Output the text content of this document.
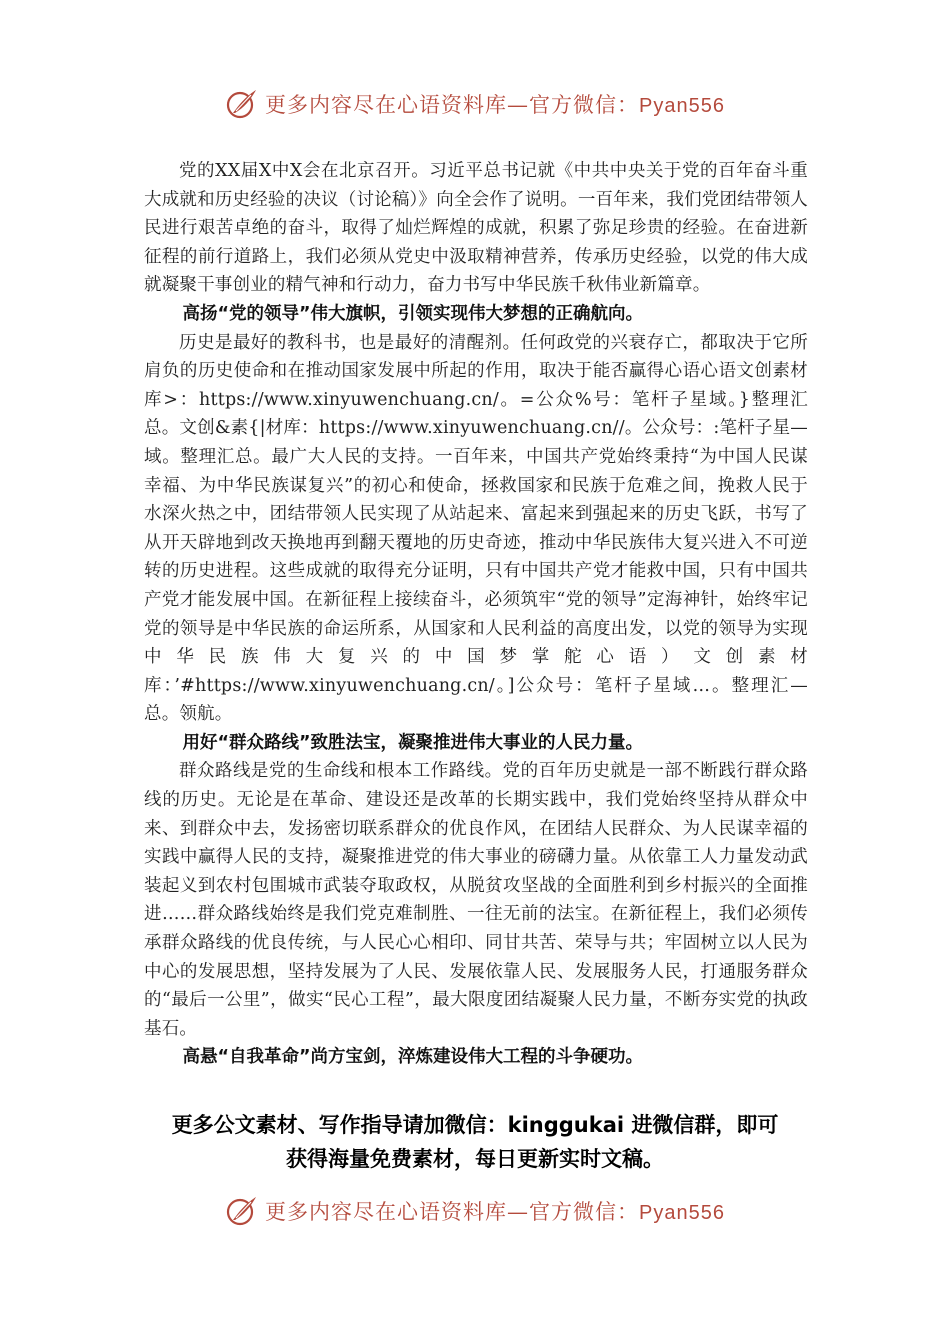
更多内容尽在心语资料库—官方微信：Pyan556

党的XX届X中X会在北京召开。习近平总书记就《中共中央关于党的百年奋斗重大成就和历史经验的决议（讨论稿）》向全会作了说明。一百年来，我们党团结带领人民进行艰苦卓绝的奋斗，取得了灿烂辉煌的成就，积累了弥足珍贵的经验。在奋进新征程的前行道路上，我们必须从党史中汲取精神营养，传承历史经验，以党的伟大成就凝聚干事创业的精气神和行动力，奋力书写中华民族千秋伟业新篇章。

高扬“党的领导”伟大旗帜，引领实现伟大梦想的正确航向。

历史是最好的教科书，也是最好的清醒剂。任何政党的兴衰存亡，都取决于它所肩负的历史使命和在推动国家发展中所起的作用，取决于能否赢得心语心语文创素材库>：https://www.xinyuwenchuang.cn/。=公众%号：笔杆子星域。}整理汇总。文创&素{|材库：https://www.xinyuwenchuang.cn//。公众号：:笔杆子星—域。整理汇总。最广大人民的支持。一百年来，中国共产党始终秉持“为中国人民谋幸福、为中华民族谋复兴”的初心和使命，拯救国家和民族于危难之间，挽救人民于水深火热之中，团结带领人民实现了从站起来、富起来到强起来的历史飞跃，书写了从开天辟地到改天换地再到翻天覆地的历史奇迹，推动中华民族伟大复兴进入不可逆转的历史进程。这些成就的取得充分证明，只有中国共产党才能救中国，只有中国共产党才能发展中国。在新征程上接续奋斗，必须筑牢“党的领导”定海神针，始终牢记党的领导是中华民族的命运所系，从国家和人民利益的高度出发，以党的领导为实现中华民族伟大复兴的中国梦掌舵心语）文创素材库：’#https://www.xinyuwenchuang.cn/。]公众号：笔杆子星域…。整理汇—总。领航。

用好“群众路线”致胜法宝，凝聚推进伟大事业的人民力量。

群众路线是党的生命线和根本工作路线。党的百年历史就是一部不断践行群众路线的历史。无论是在革命、建设还是改革的长期实践中，我们党始终坚持从群众中来、到群众中去，发扬密切联系群众的优良作风，在团结人民群众、为人民谋幸福的实践中赢得人民的支持，凝聚推进党的伟大事业的磅礴力量。从依靠工人力量发动武装起义到农村包围城市武装夺取政权，从脱贫攻坚战的全面胜利到乡村振兴的全面推进……群众路线始终是我们党克难制胜、一往无前的法宝。在新征程上，我们必须传承群众路线的优良传统，与人民心心相印、同甘共苦、荣导与共；牢固树立以人民为中心的发展思想，坚持发展为了人民、发展依靠人民、发展服务人民，打通服务群众的“最后一公里”，做实“民心工程”，最大限度团结凝聚人民力量，不断夯实党的执政基石。

高悬“自我革命”尚方宝剑，淬炼建设伟大工程的斗争硬功。

更多公文素材、写作指导请加微信：kinggukai 进微信群，即可
获得海量免费素材，每日更新实时文稿。
更多内容尽在心语资料库—官方微信：Pyan556
